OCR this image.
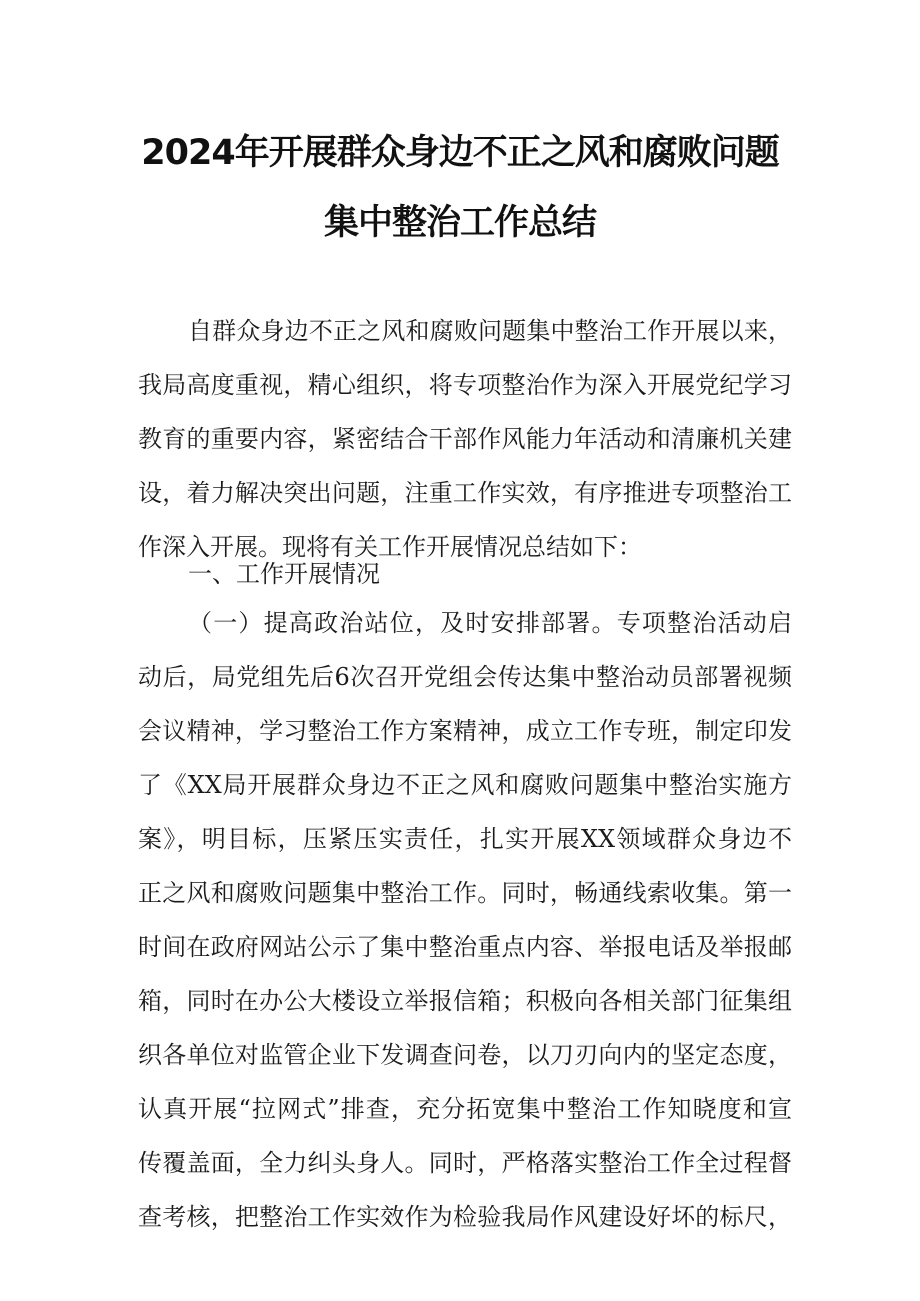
2024年开展群众身边不正之风和腐败问题
集中整治工作总结
自群众身边不正之风和腐败问题集中整治工作开展以来，
我局高度重视，精心组织，将专项整治作为深入开展党纪学习
教育的重要内容，紧密结合干部作风能力年活动和清廉机关建
设，着力解决突出问题，注重工作实效，有序推进专项整治工
作深入开展。现将有关工作开展情况总结如下：
一、工作开展情况
（一）提高政治站位，及时安排部署。专项整治活动启
动后，局党组先后6次召开党组会传达集中整治动员部署视频
会议精神，学习整治工作方案精神，成立工作专班，制定印发
了《XX局开展群众身边不正之风和腐败问题集中整治实施方
案》，明目标，压紧压实责任，扎实开展XX领域群众身边不
正之风和腐败问题集中整治工作。同时，畅通线索收集。第一
时间在政府网站公示了集中整治重点内容、举报电话及举报邮
箱，同时在办公大楼设立举报信箱；积极向各相关部门征集组
织各单位对监管企业下发调查问卷，以刀刃向内的坚定态度，
认真开展“拉网式”排查，充分拓宽集中整治工作知晓度和宣
传覆盖面，全力纠头身人。同时，严格落实整治工作全过程督
查考核，把整治工作实效作为检验我局作风建设好坏的标尺，
